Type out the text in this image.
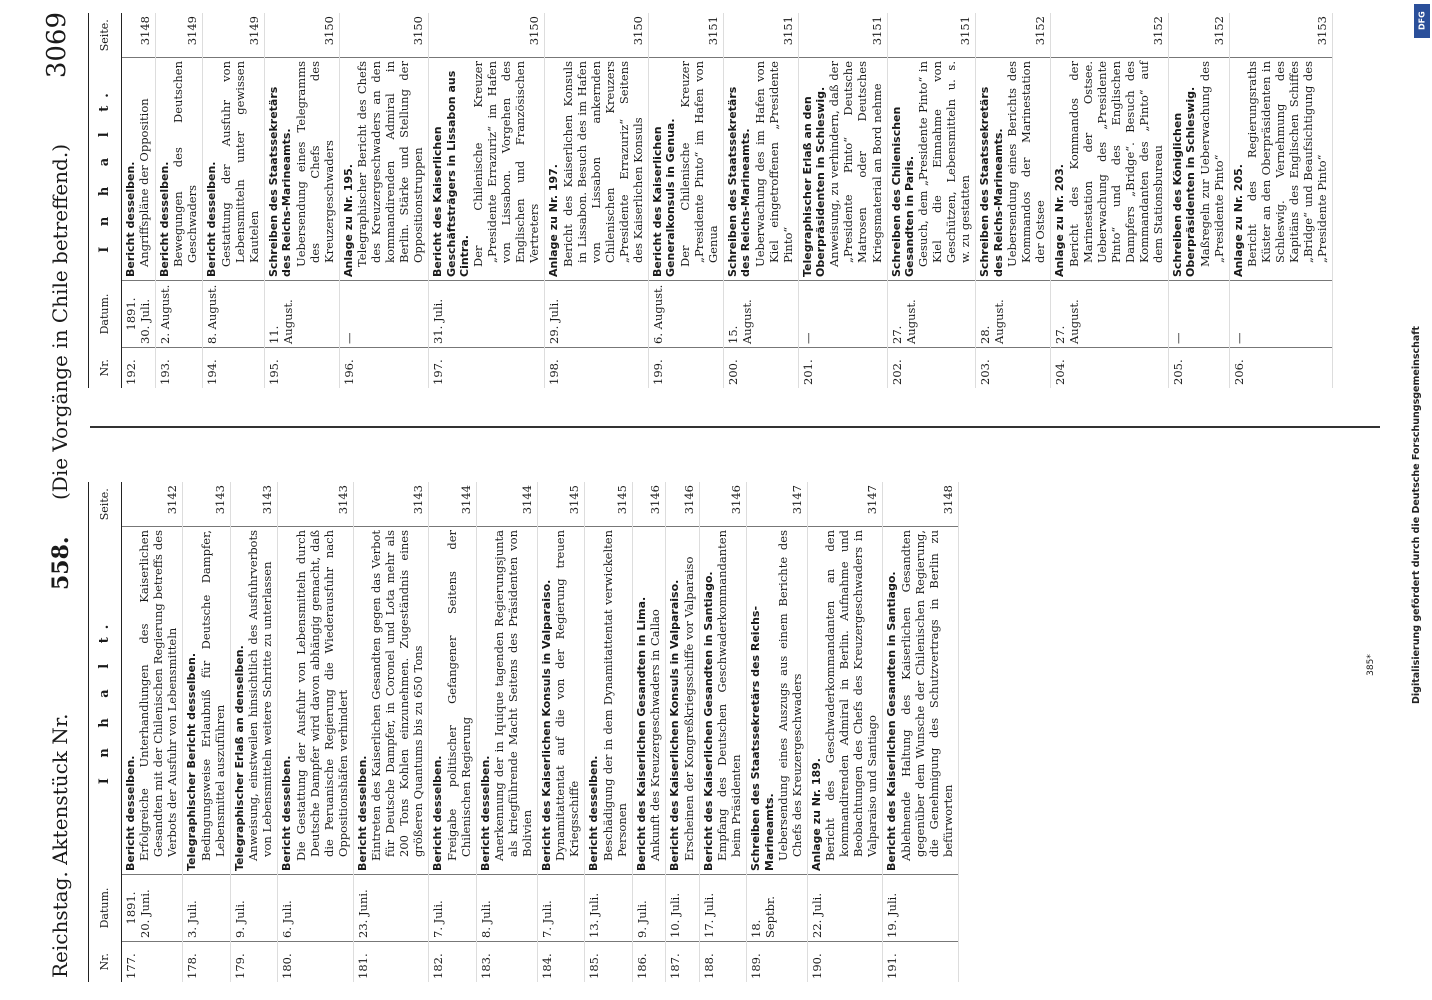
Reichstag. Aktenstück Nr.
558.
(Die Vorgänge in Chile betreffend.)
3069
Nr.	Datum.	I n h a l t.	Seite.
177.	1891. 20. Juni.	Bericht desselben. Erfolgreiche Unterhandlungen des Kaiserlichen Gesandten mit der Chilenischen Regierung betreffs des Verbots der Ausfuhr von Lebensmitteln	3142
178.	3. Juli.	Telegraphischer Bericht desselben. Bedingungsweise Erlaubniß für Deutsche Dampfer, Lebensmittel auszuführen	3143
179.	9. Juli.	Telegraphischer Erlaß an denselben. Anweisung, einstweilen hinsichtlich des Ausfuhrverbots von Lebensmitteln weitere Schritte zu unterlassen	3143
180.	6. Juli.	Bericht desselben. Die Gestattung der Ausfuhr von Lebensmitteln durch Deutsche Dampfer wird davon abhängig gemacht, daß die Peruanische Regierung die Wiederausfuhr nach Oppositionshäfen verhindert	3143
181.	23. Juni.	Bericht desselben. Eintreten des Kaiserlichen Gesandten gegen das Verbot für Deutsche Dampfer, in Coronel und Lota mehr als 200 Tons Kohlen einzunehmen. Zugeständnis eines größeren Quantums bis zu 650 Tons	3143
182.	7. Juli.	Bericht desselben. Freigabe politischer Gefangener Seitens der Chilenischen Regierung	3144
183.	8. Juli.	Bericht desselben. Anerkennung der in Iquique tagenden Regierungsjunta als kriegführende Macht Seitens des Präsidenten von Bolivien	3144
184.	7. Juli.	Bericht des Kaiserlichen Konsuls in Valparaiso. Dynamitattentat auf die von der Regierung treuen Kriegsschiffe	3145
185.	13. Juli.	Bericht desselben. Beschädigung der in dem Dynamitattentat verwickelten Personen	3145
186.	9. Juli.	Bericht des Kaiserlichen Gesandten in Lima. Ankunft des Kreuzergeschwaders in Callao	3146
187.	10. Juli.	Bericht des Kaiserlichen Konsuls in Valparaiso. Erscheinen der Kongreßkriegsschiffe vor Valparaiso	3146
188.	17. Juli.	Bericht des Kaiserlichen Gesandten in Santiago. Empfang des Deutschen Geschwaderkommandanten beim Präsidenten	3146
189.	18. Septbr.	Schreiben des Staatssekretärs des Reichs-Marineamts. Uebersendung eines Auszugs aus einem Berichte des Chefs des Kreuzergeschwaders	3147
190.	22. Juli.	Anlage zu Nr. 189. Bericht des Geschwaderkommandanten an den kommandirenden Admiral in Berlin. Aufnahme und Beobachtungen des Chefs des Kreuzergeschwaders in Valparaiso und Santiago	3147
191.	19. Juli.	Bericht des Kaiserlichen Gesandten in Santiago. Ablehnende Haltung des Kaiserlichen Gesandten gegenüber dem Wunsche der Chilenischen Regierung, die Genehmigung des Schutzvertrags in Berlin zu befürworten	3148
Nr.	Datum.	I n h a l t.	Seite.
192.	1891. 30. Juli.	Bericht desselben. Angriffspläne der Opposition	3148
193.	2. August.	Bericht desselben. Bewegungen des Deutschen Geschwaders	3149
194.	8. August.	Bericht desselben. Gestattung der Ausfuhr von Lebensmitteln unter gewissen Kautelen	3149
195.	11. August.	Schreiben des Staatssekretärs des Reichs-Marineamts. Uebersendung eines Telegramms des Chefs des Kreuzergeschwaders	3150
196.	—	Anlage zu Nr. 195. Telegraphischer Bericht des Chefs des Kreuzergeschwaders an den kommandirenden Admiral in Berlin. Stärke und Stellung der Oppositionstruppen	3150
197.	31. Juli.	Bericht des Kaiserlichen Geschäftsträgers in Lissabon aus Cintra. Der Chilenische Kreuzer „Presidente Errazuriz“ im Hafen von Lissabon. Vorgehen des Englischen und Französischen Vertreters	3150
198.	29. Juli.	Anlage zu Nr. 197. Bericht des Kaiserlichen Konsuls in Lissabon. Besuch des im Hafen von Lissabon ankernden Chilenischen Kreuzers „Presidente Errazuriz“ Seitens des Kaiserlichen Konsuls	3150
199.	6. August.	Bericht des Kaiserlichen Generalkonsuls in Genua. Der Chilenische Kreuzer „Presidente Pinto“ im Hafen von Genua	3151
200.	15. August.	Schreiben des Staatssekretärs des Reichs-Marineamts. Ueberwachung des im Hafen von Kiel eingetroffenen „Presidente Pinto“	3151
201.	—	Telegraphischer Erlaß an den Oberpräsidenten in Schleswig. Anweisung, zu verhindern, daß der „Presidente Pinto“ Deutsche Matrosen oder Deutsches Kriegsmaterial an Bord nehme	3151
202.	27. August.	Schreiben des Chilenischen Gesandten in Paris. Gesuch, dem „Presidente Pinto“ in Kiel die Einnahme von Geschützen, Lebensmitteln u. s. w. zu gestatten	3151
203.	28. August.	Schreiben des Staatssekretärs des Reichs-Marineamts. Uebersendung eines Berichts des Kommandos der Marinestation der Ostsee	3152
204.	27. August.	Anlage zu Nr. 203. Bericht des Kommandos der Marinestation der Ostsee. Ueberwachung des „Presidente Pinto“ und des Englischen Dampfers „Bridge“. Besuch des Kommandanten des „Pinto“ auf dem Stationsbureau	3152
205.	—	Schreiben des Königlichen Oberpräsidenten in Schleswig. Maßregeln zur Ueberwachung des „Presidente Pinto“	3152
206.	—	Anlage zu Nr. 205. Bericht des Regierungsraths Küster an den Oberpräsidenten in Schleswig. Vernehmung des Kapitäns des Englischen Schiffes „Bridge“ und Beaufsichtigung des „Presidente Pinto“	3153
385*	Digitalisierung gefördert durch die Deutsche Forschungsgemeinschaft
DFG
